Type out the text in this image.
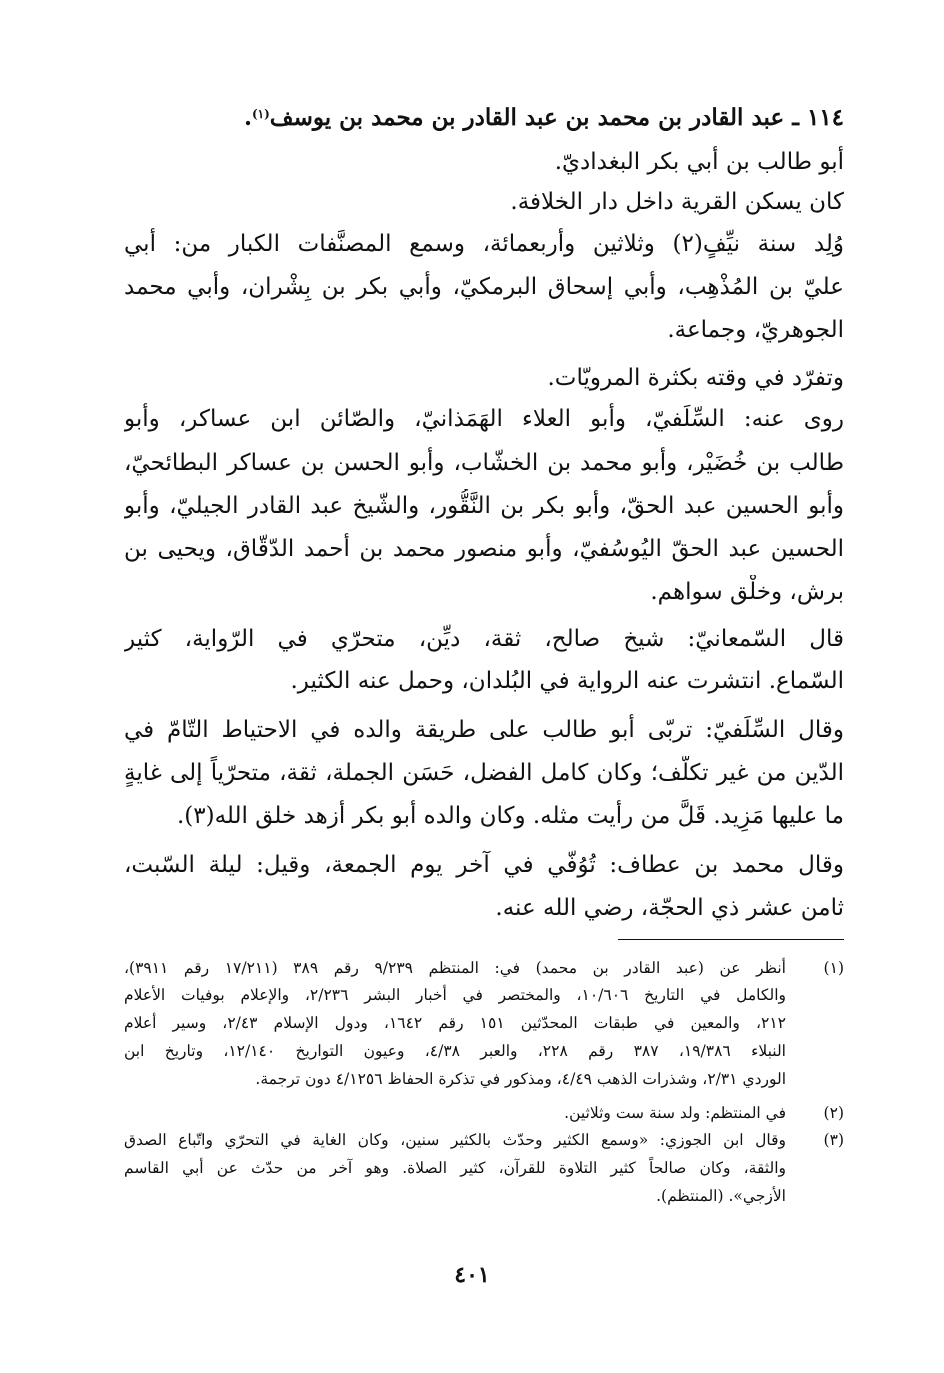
١١٤ ـ عبد القادر بن محمد بن عبد القادر بن محمد بن يوسف$^{(١)}$.
أبو طالب بن أبي بكر البغداديّ.
كان يسكن القرية داخل دار الخلافة.
وُلِد سنة نيِّفٍ(٢) وثلاثين وأربعمائة، وسمع المصنَّفات الكبار من: أبي
عليّ بن المُذْهِب، وأبي إسحاق البرمكيّ، وأبي بكر بن بِشْران، وأبي محمد
الجوهريّ، وجماعة.
وتفرّد في وقته بكثرة المرويّات.
روى عنه: السِّلَفيّ، وأبو العلاء الهَمَذانيّ، والصّائن ابن عساكر، وأبو
طالب بن خُضَيْر، وأبو محمد بن الخشّاب، وأبو الحسن بن عساكر البطائحيّ،
وأبو الحسين عبد الحقّ، وأبو بكر بن النَّقُّور، والشّيخ عبد القادر الجيليّ، وأبو
الحسين عبد الحقّ اليُوسُفيّ، وأبو منصور محمد بن أحمد الدّقّاق، ويحيى بن
برش، وخلْق سواهم.
قال السّمعانيّ: شيخ صالح، ثقة، ديِّن، متحرّي في الرّواية، كثير
السّماع. انتشرت عنه الرواية في البُلدان، وحمل عنه الكثير.
وقال السِّلَفيّ: تربّى أبو طالب على طريقة والده في الاحتياط التّامّ في
الدّين من غير تكلُّف؛ وكان كامل الفضل، حَسَن الجملة، ثقة، متحرّياً إلى غايةٍ
ما عليها مَزِيد. قَلَّ من رأيت مثله. وكان والده أبو بكر أزهد خلق الله(٣).
وقال محمد بن عطاف: تُوُفّي في آخر يوم الجمعة، وقيل: ليلة السّبت،
ثامن عشر ذي الحجّة، رضي الله عنه.
(١)
أنظر عن (عبد القادر بن محمد) في: المنتظم ٩/٢٣٩ رقم ٣٨٩ (١٧/٢١١ رقم ٣٩١١)،
والكامل في التاريخ ١٠/٦٠٦، والمختصر في أخبار البشر ٢/٢٣٦، والإعلام بوفيات الأعلام
٢١٢، والمعين في طبقات المحدّثين ١٥١ رقم ١٦٤٢، ودول الإسلام ٢/٤٣، وسير أعلام
النبلاء ١٩/٣٨٦، ٣٨٧ رقم ٢٢٨، والعبر ٤/٣٨، وعيون التواريخ ١٢/١٤٠، وتاريخ ابن
الوردي ٢/٣١، وشذرات الذهب ٤/٤٩، ومذكور في تذكرة الحفاظ ٤/١٢٥٦ دون ترجمة.
(٢)
في المنتظم: ولد سنة ست وثلاثين.
(٣)
وقال ابن الجوزي: «وسمع الكثير وحدّث بالكثير سنين، وكان الغاية في التحرّي واتّباع الصدق
والثقة، وكان صالحاً كثير التلاوة للقرآن، كثير الصلاة. وهو آخر من حدّث عن أبي القاسم
الأزجي». (المنتظم).
٤٠١
